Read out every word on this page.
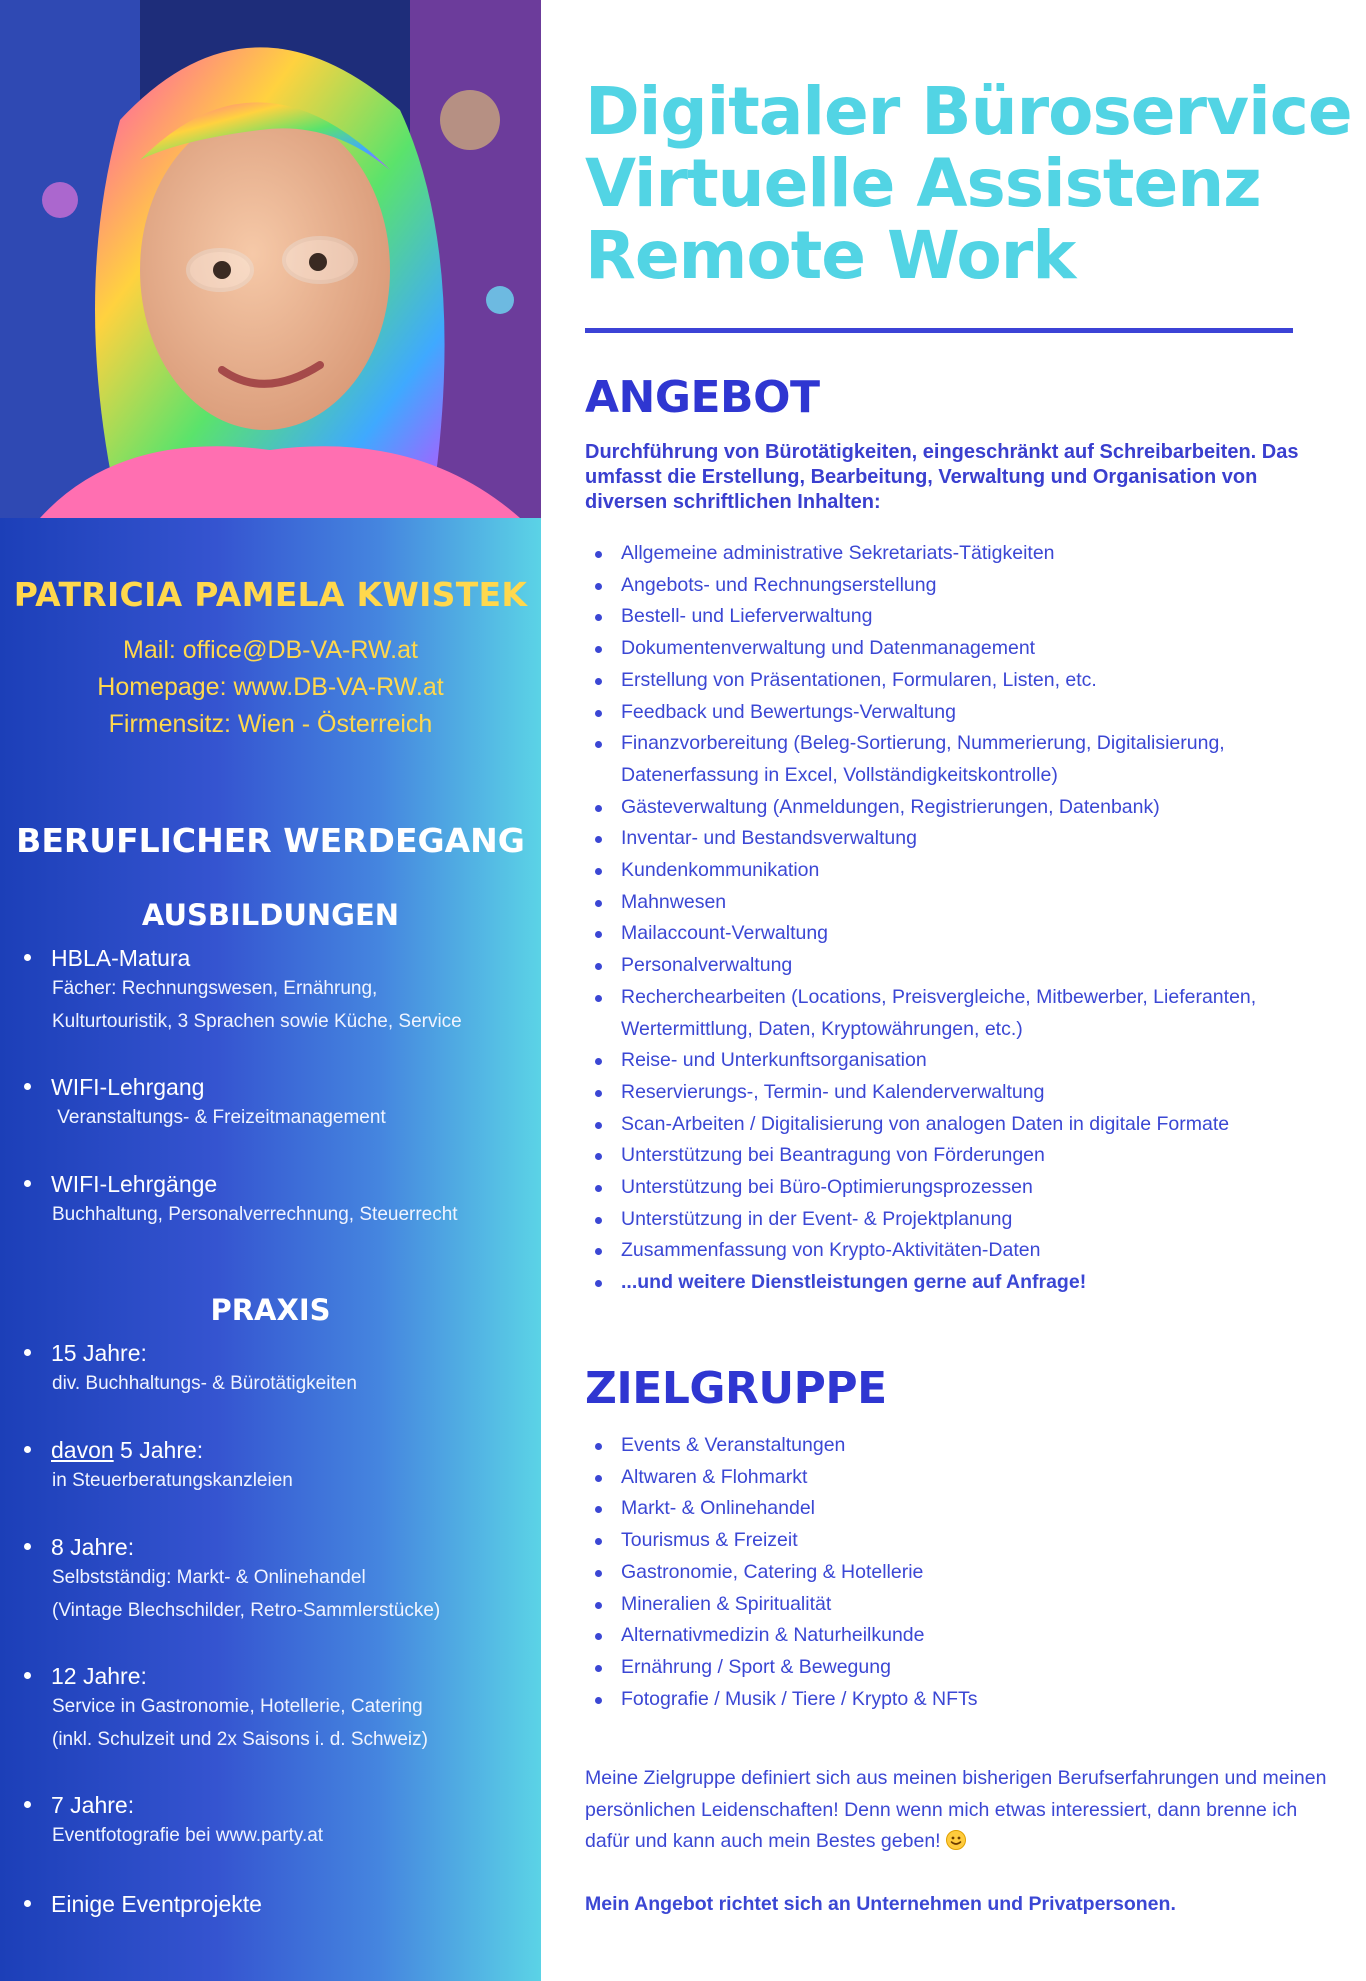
PATRICIA PAMELA KWISTEK
Mail: office@DB-VA-RW.at
Homepage: www.DB-VA-RW.at
Firmensitz: Wien - Österreich
BERUFLICHER WERDEGANG
AUSBILDUNGEN
HBLA-Matura
Fächer: Rechnungswesen, Ernährung,
Kulturtouristik, 3 Sprachen sowie Küche, Service
WIFI-Lehrgang
Veranstaltungs- & Freizeitmanagement
WIFI-Lehrgänge
Buchhaltung, Personalverrechnung, Steuerrecht
PRAXIS
15 Jahre:
div. Buchhaltungs- & Bürotätigkeiten
davon 5 Jahre:
in Steuerberatungskanzleien
8 Jahre:
Selbstständig: Markt- & Onlinehandel
(Vintage Blechschilder, Retro-Sammlerstücke)
12 Jahre:
Service in Gastronomie, Hotellerie, Catering
(inkl. Schulzeit und 2x Saisons i. d. Schweiz)
7 Jahre:
Eventfotografie bei www.party.at
Einige Eventprojekte
Digitaler Büroservice
Virtuelle Assistenz
Remote Work
ANGEBOT
Durchführung von Bürotätigkeiten, eingeschränkt auf Schreibarbeiten. Das umfasst die Erstellung, Bearbeitung, Verwaltung und Organisation von diversen schriftlichen Inhalten:
Allgemeine administrative Sekretariats-Tätigkeiten
Angebots- und Rechnungserstellung
Bestell- und Lieferverwaltung
Dokumentenverwaltung und Datenmanagement
Erstellung von Präsentationen, Formularen, Listen, etc.
Feedback und Bewertungs-Verwaltung
Finanzvorbereitung (Beleg-Sortierung, Nummerierung, Digitalisierung, Datenerfassung in Excel, Vollständigkeitskontrolle)
Gästeverwaltung (Anmeldungen, Registrierungen, Datenbank)
Inventar- und Bestandsverwaltung
Kundenkommunikation
Mahnwesen
Mailaccount-Verwaltung
Personalverwaltung
Recherchearbeiten (Locations, Preisvergleiche, Mitbewerber, Lieferanten, Wertermittlung, Daten, Kryptowährungen, etc.)
Reise- und Unterkunftsorganisation
Reservierungs-, Termin- und Kalenderverwaltung
Scan-Arbeiten / Digitalisierung von analogen Daten in digitale Formate
Unterstützung bei Beantragung von Förderungen
Unterstützung bei Büro-Optimierungsprozessen
Unterstützung in der Event- & Projektplanung
Zusammenfassung von Krypto-Aktivitäten-Daten
...und weitere Dienstleistungen gerne auf Anfrage!
ZIELGRUPPE
Events & Veranstaltungen
Altwaren & Flohmarkt
Markt- & Onlinehandel
Tourismus & Freizeit
Gastronomie, Catering & Hotellerie
Mineralien & Spiritualität
Alternativmedizin & Naturheilkunde
Ernährung / Sport & Bewegung
Fotografie / Musik / Tiere / Krypto & NFTs
Meine Zielgruppe definiert sich aus meinen bisherigen Berufserfahrungen und meinen persönlichen Leidenschaften! Denn wenn mich etwas interessiert, dann brenne ich dafür und kann auch mein Bestes geben!
Mein Angebot richtet sich an Unternehmen und Privatpersonen.
